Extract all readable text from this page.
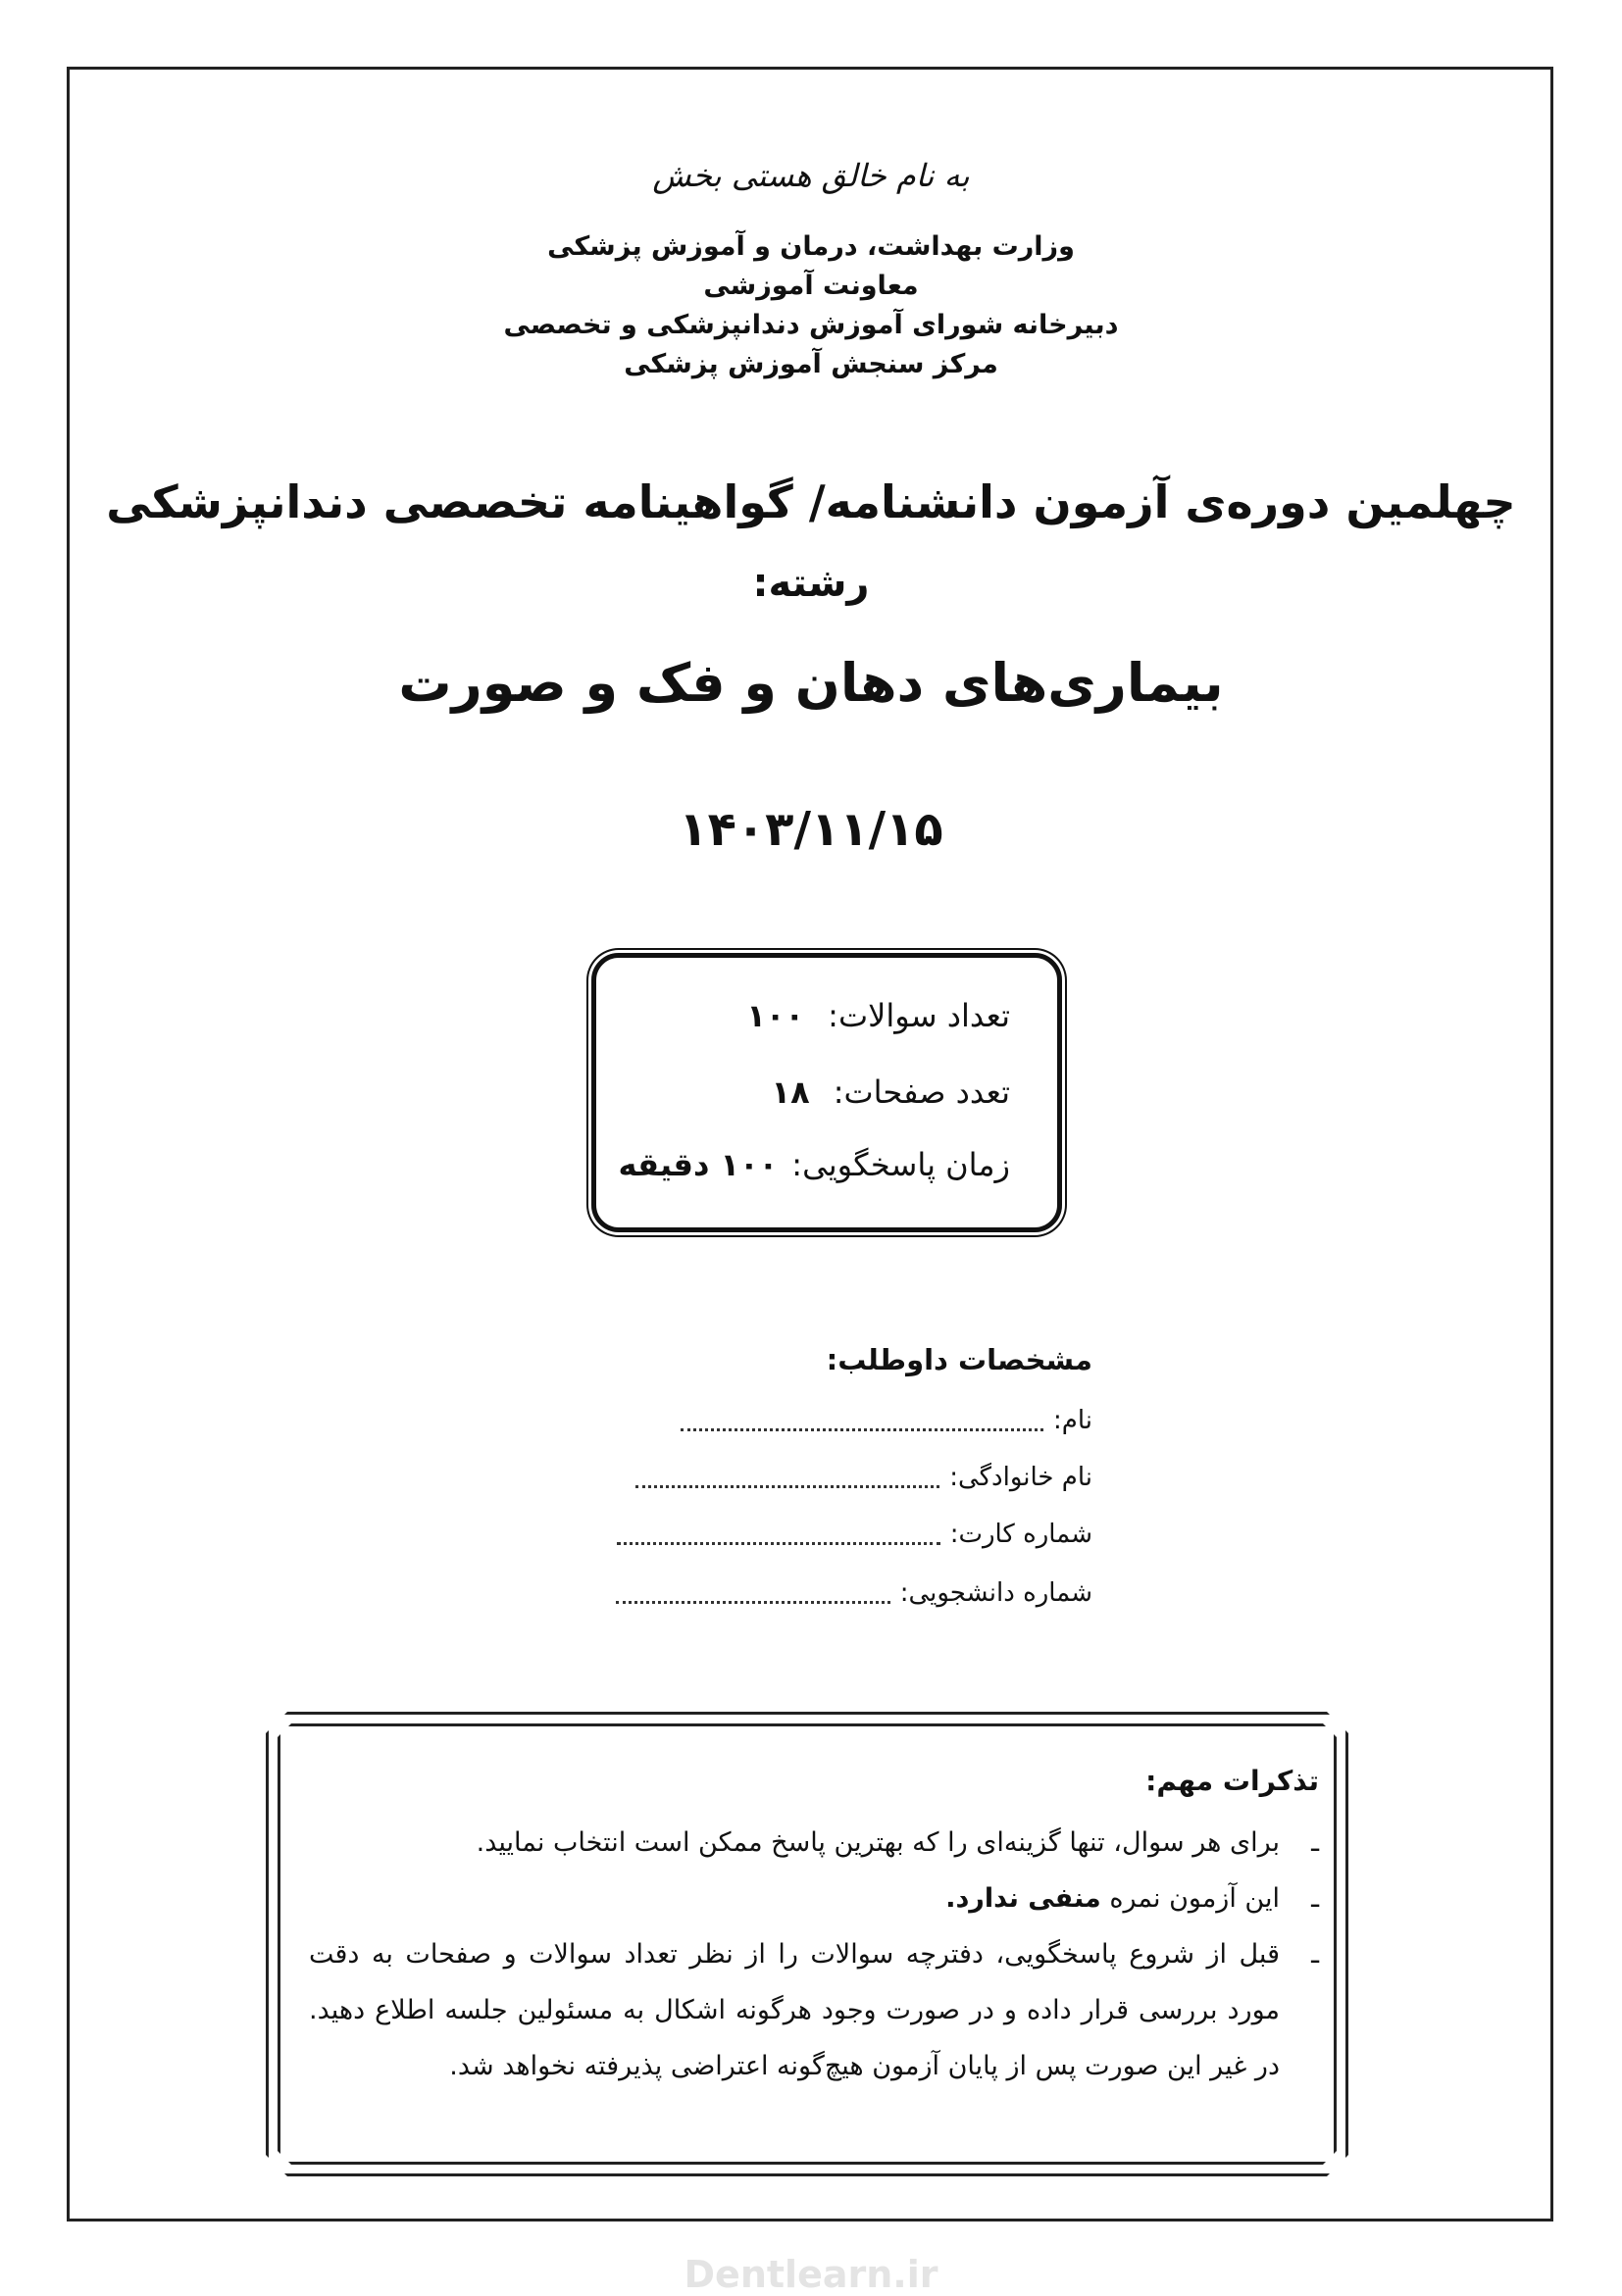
به نام خالق هستی بخش
وزارت بهداشت، درمان و آموزش پزشکی
معاونت آموزشی
دبیرخانه شورای آموزش دندانپزشکی و تخصصی
مرکز سنجش آموزش پزشکی
چهلمین دوره‌ی آزمون دانشنامه/ گواهینامه تخصصی دندانپزشکی
رشته:
بیماری‌های دهان و فک و صورت
۱۴۰۳/۱۱/۱۵
تعداد سوالات: ۱۰۰
تعدد صفحات: ۱۸
زمان پاسخگویی: ۱۰۰ دقیقه
مشخصات داوطلب:
نام:
نام خانوادگی:
شماره کارت:
شماره دانشجویی:
تذکرات مهم:
ـ
برای هر سوال، تنها گزینه‌ای را که بهترین پاسخ ممکن است انتخاب نمایید.
ـ
این آزمون نمره منفی ندارد.
ـ
قبل از شروع پاسخگویی، دفترچه سوالات را از نظر تعداد سوالات و صفحات به دقت مورد بررسی قرار داده و در صورت وجود هرگونه اشکال به مسئولین جلسه اطلاع دهید. در غیر این صورت پس از پایان آزمون هیچ‌گونه اعتراضی پذیرفته نخواهد شد.
Dentlearn.ir
